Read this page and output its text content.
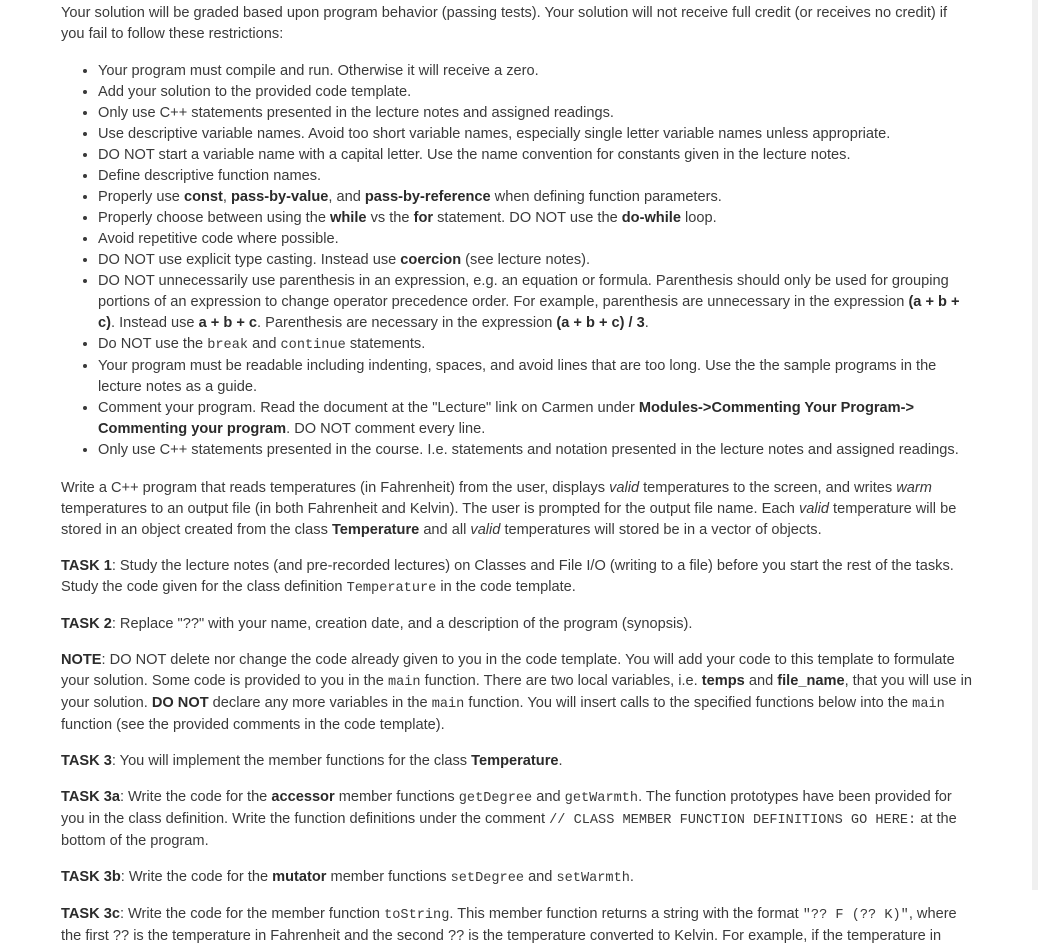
Your solution will be graded based upon program behavior (passing tests). Your solution will not receive full credit (or receives no credit) if you fail to follow these restrictions:

• Your program must compile and run. Otherwise it will receive a zero.
• Add your solution to the provided code template.
• Only use C++ statements presented in the lecture notes and assigned readings.
• Use descriptive variable names. Avoid too short variable names, especially single letter variable names unless appropriate.
• DO NOT start a variable name with a capital letter. Use the name convention for constants given in the lecture notes.
• Define descriptive function names.
• Properly use const, pass-by-value, and pass-by-reference when defining function parameters.
• Properly choose between using the while vs the for statement. DO NOT use the do-while loop.
• Avoid repetitive code where possible.
• DO NOT use explicit type casting. Instead use coercion (see lecture notes).
• DO NOT unnecessarily use parenthesis in an expression, e.g. an equation or formula. Parenthesis should only be used for grouping portions of an expression to change operator precedence order. For example, parenthesis are unnecessary in the expression (a + b + c). Instead use a + b + c. Parenthesis are necessary in the expression (a + b + c) / 3.
• Do NOT use the break and continue statements.
• Your program must be readable including indenting, spaces, and avoid lines that are too long. Use the the sample programs in the lecture notes as a guide.
• Comment your program. Read the document at the "Lecture" link on Carmen under Modules->Commenting Your Program-> Commenting your program. DO NOT comment every line.
• Only use C++ statements presented in the course. I.e. statements and notation presented in the lecture notes and assigned readings.

Write a C++ program that reads temperatures (in Fahrenheit) from the user, displays valid temperatures to the screen, and writes warm temperatures to an output file (in both Fahrenheit and Kelvin). The user is prompted for the output file name. Each valid temperature will be stored in an object created from the class Temperature and all valid temperatures will stored be in a vector of objects.

TASK 1: Study the lecture notes (and pre-recorded lectures) on Classes and File I/O (writing to a file) before you start the rest of the tasks. Study the code given for the class definition Temperature in the code template.

TASK 2: Replace "??" with your name, creation date, and a description of the program (synopsis).

NOTE: DO NOT delete nor change the code already given to you in the code template. You will add your code to this template to formulate your solution. Some code is provided to you in the main function. There are two local variables, i.e. temps and file_name, that you will use in your solution. DO NOT declare any more variables in the main function. You will insert calls to the specified functions below into the main function (see the provided comments in the code template).

TASK 3: You will implement the member functions for the class Temperature.

TASK 3a: Write the code for the accessor member functions getDegree and getWarmth. The function prototypes have been provided for you in the class definition. Write the function definitions under the comment // CLASS MEMBER FUNCTION DEFINITIONS GO HERE: at the bottom of the program.

TASK 3b: Write the code for the mutator member functions setDegree and setWarmth.

TASK 3c: Write the code for the member function toString. This member function returns a string with the format "?? F (?? K)", where the first ?? is the temperature in Fahrenheit and the second ?? is the temperature converted to Kelvin. For example, if the temperature in
